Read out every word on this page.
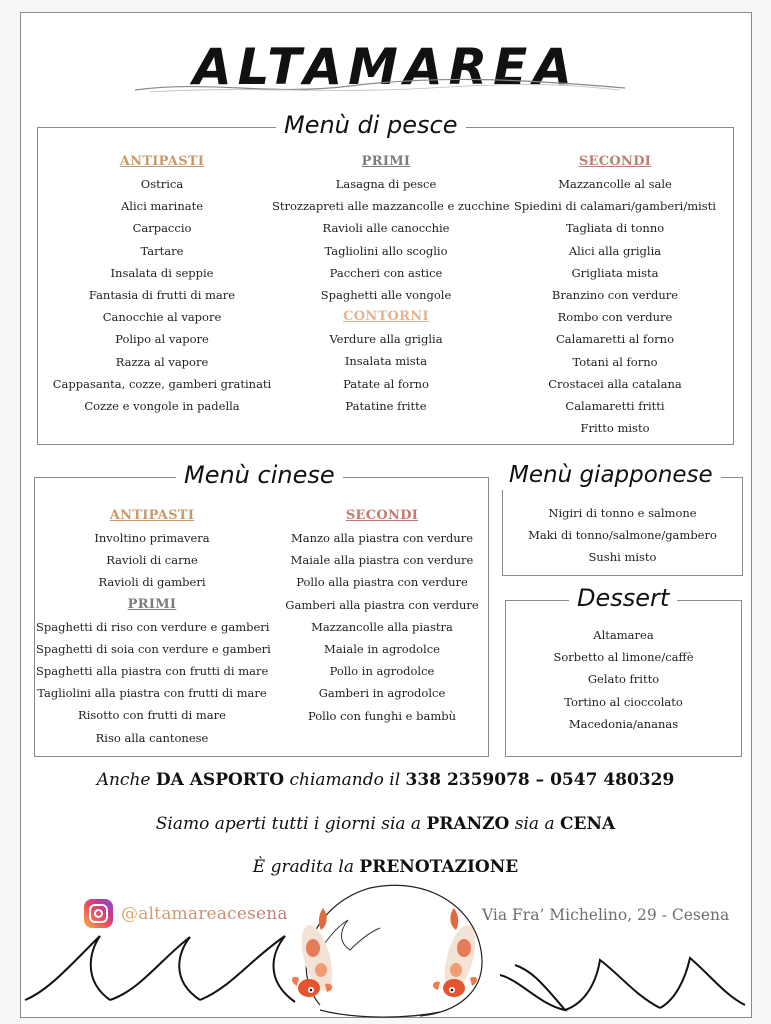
ALTAMAREA
Menù di pesce
ANTIPASTI
Ostrica
Alici marinate
Carpaccio
Tartare
Insalata di seppie
Fantasia di frutti di mare
Canocchie al vapore
Polipo al vapore
Razza al vapore
Cappasanta, cozze, gamberi gratinati
Cozze e vongole in padella
PRIMI
Lasagna di pesce
Strozzapreti alle mazzancolle e zucchine
Ravioli alle canocchie
Tagliolini allo scoglio
Paccheri con astice
Spaghetti alle vongole
CONTORNI
Verdure alla griglia
Insalata mista
Patate al forno
Patatine fritte
SECONDI
Mazzancolle al sale
Spiedini di calamari/gamberi/misti
Tagliata di tonno
Alici alla griglia
Grigliata mista
Branzino con verdure
Rombo con verdure
Calamaretti al forno
Totani al forno
Crostacei alla catalana
Calamaretti fritti
Fritto misto
Menù cinese
ANTIPASTI
Involtino primavera
Ravioli di carne
Ravioli di gamberi
PRIMI
Spaghetti di riso con verdure e gamberi
Spaghetti di soia con verdure e gamberi
Spaghetti alla piastra con frutti di mare
Tagliolini alla piastra con frutti di mare
Risotto con frutti di mare
Riso alla cantonese
SECONDI
Manzo alla piastra con verdure
Maiale alla piastra con verdure
Pollo alla piastra con verdure
Gamberi alla piastra con verdure
Mazzancolle alla piastra
Maiale in agrodolce
Pollo in agrodolce
Gamberi in agrodolce
Pollo con funghi e bambù
Menù giapponese
Nigiri di tonno e salmone
Maki di tonno/salmone/gambero
Sushi misto
Dessert
Altamarea
Sorbetto al limone/caffè
Gelato fritto
Tortino al cioccolato
Macedonia/ananas
Anche DA ASPORTO chiamando il 338 2359078 – 0547 480329
Siamo aperti tutti i giorni sia a PRANZO sia a CENA
È gradita la PRENOTAZIONE
@altamareacesena	Via Fra’ Michelino, 29 - Cesena
